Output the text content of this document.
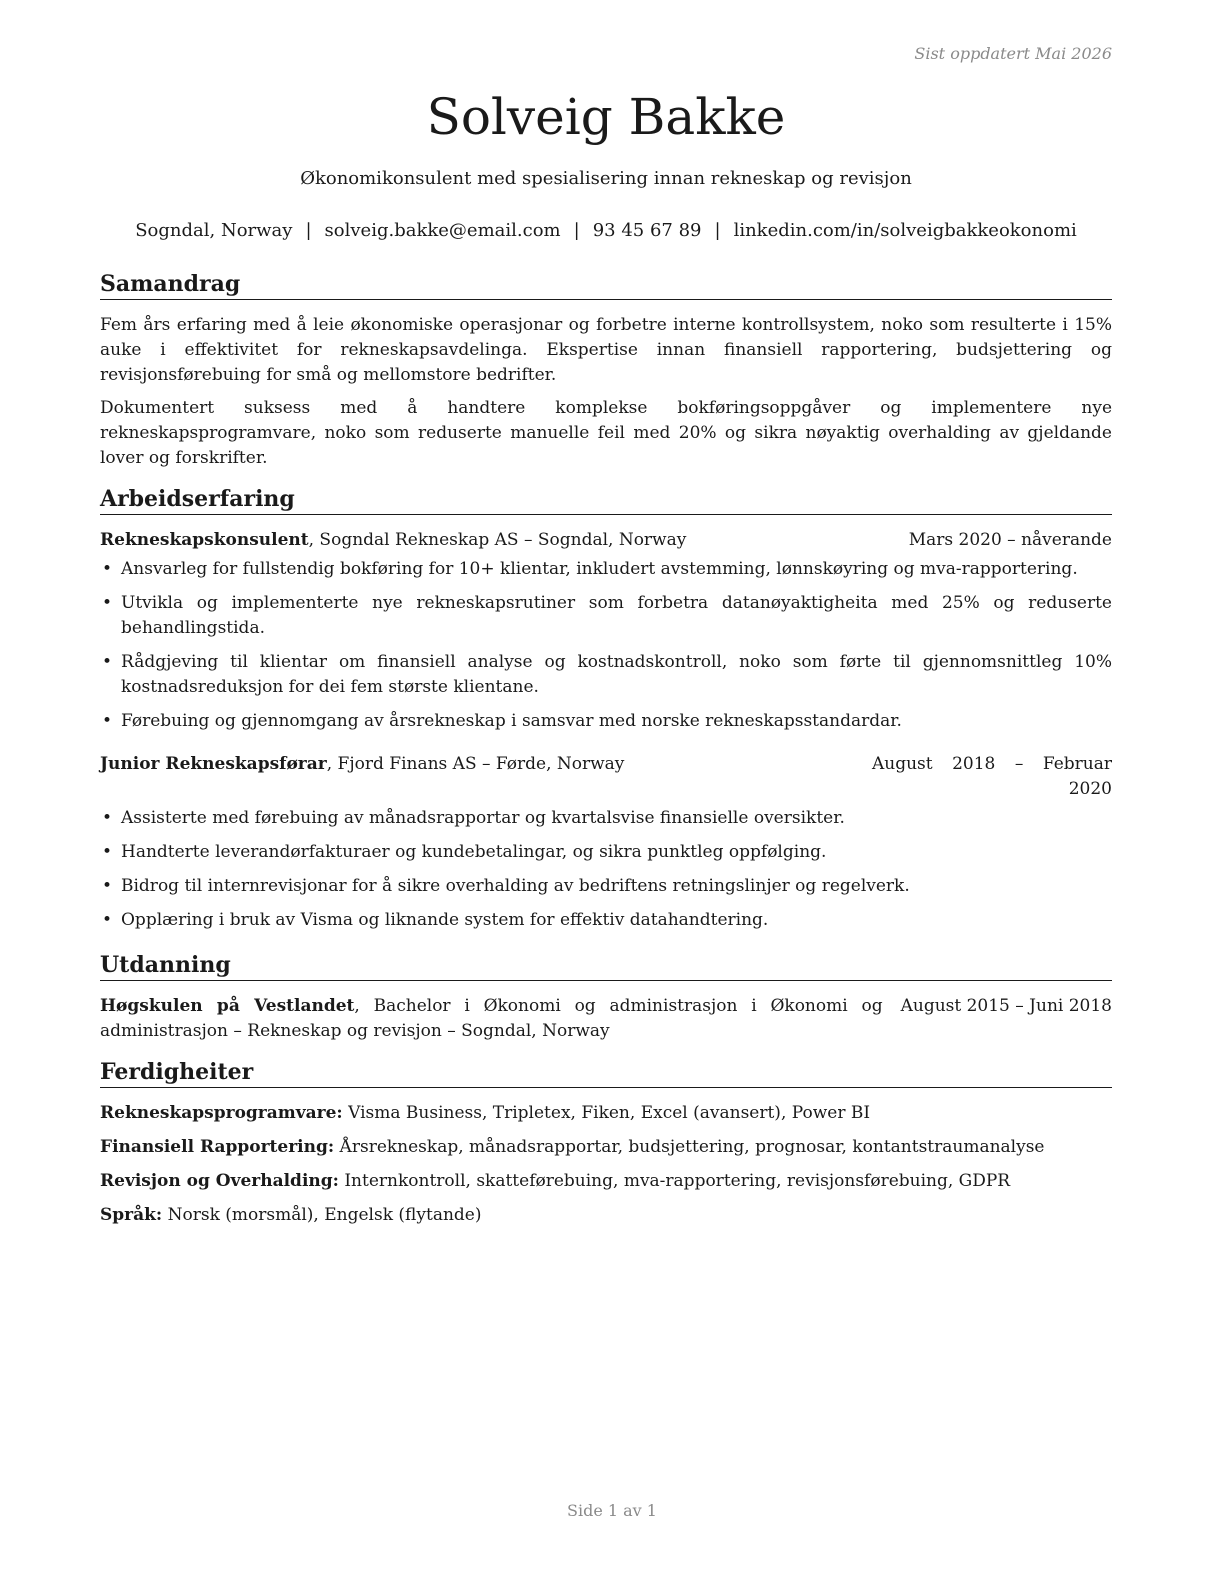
Sist oppdatert Mai 2026
Solveig Bakke
Økonomikonsulent med spesialisering innan rekneskap og revisjon
Sogndal, Norway | solveig.bakke@email.com | 93 45 67 89 | linkedin.com/in/solveigbakkeokonomi
Samandrag

Fem års erfaring med å leie økonomiske operasjonar og forbetre interne kontrollsystem, noko som resulterte i 15% auke i effektivitet for rekneskapsavdelinga. Ekspertise innan finansiell rapportering, budsjettering og revisjonsførebuing for små og mellomstore bedrifter.

Dokumentert suksess med å handtere komplekse bokføringsoppgåver og implementere nye rekneskapsprogramvare, noko som reduserte manuelle feil med 20% og sikra nøyaktig overhalding av gjeldande lover og forskrifter.

Arbeidserfaring
Rekneskapskonsulent, Sogndal Rekneskap AS – Sogndal, Norway	Mars 2020 – nåverande
• Ansvarleg for fullstendig bokføring for 10+ klientar, inkludert avstemming, lønnskøyring og mva-rapportering.
• Utvikla og implementerte nye rekneskapsrutiner som forbetra datanøyaktigheita med 25% og reduserte behandlingstida.
• Rådgjeving til klientar om finansiell analyse og kostnadskontroll, noko som førte til gjennomsnittleg 10% kostnadsreduksjon for dei fem største klientane.
• Førebuing og gjennomgang av årsrekneskap i samsvar med norske rekneskapsstandardar.
Junior Rekneskapsførar, Fjord Finans AS – Førde, Norway	August 2018 – Februar 2020
• Assisterte med førebuing av månadsrapportar og kvartalsvise finansielle oversikter.
• Handterte leverandørfakturaer og kundebetalingar, og sikra punktleg oppfølging.
• Bidrog til internrevisjonar for å sikre overhalding av bedriftens retningslinjer og regelverk.
• Opplæring i bruk av Visma og liknande system for effektiv datahandtering.
Utdanning
Høgskulen på Vestlandet, Bachelor i Økonomi og administrasjon i Økonomi og administrasjon – Rekneskap og revisjon – Sogndal, Norway
August 2015 – Juni 2018
Ferdigheiter
Rekneskapsprogramvare: Visma Business, Tripletex, Fiken, Excel (avansert), Power BI
Finansiell Rapportering: Årsrekneskap, månadsrapportar, budsjettering, prognosar, kontantstraumanalyse
Revisjon og Overhalding: Internkontroll, skatteførebuing, mva-rapportering, revisjonsførebuing, GDPR
Språk: Norsk (morsmål), Engelsk (flytande)
Side 1 av 1
